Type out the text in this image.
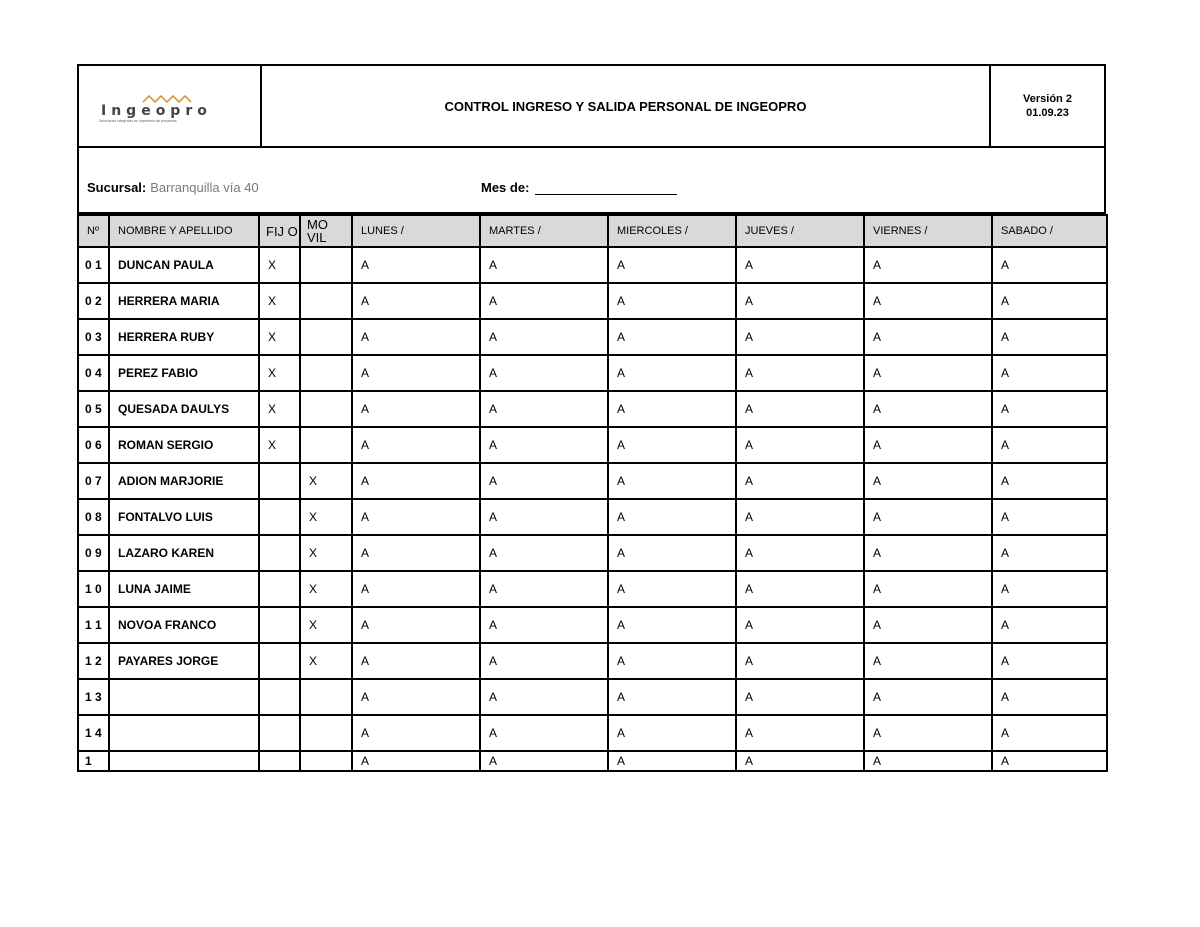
Ingeopro
Soluciones integrales en Ingeniería de proyectos
CONTROL INGRESO Y SALIDA PERSONAL DE INGEOPRO	Versión 2
01.09.23
Sucursal: Barranquilla vía 40	Mes de:
Nº	NOMBRE Y APELLIDO	FIJ O	MO VIL	LUNES /	MARTES /	MIERCOLES /	JUEVES /	VIERNES /	SABADO /
0 1	DUNCAN PAULA	X		A	A	A	A	A	A
0 2	HERRERA MARIA	X		A	A	A	A	A	A
0 3	HERRERA RUBY	X		A	A	A	A	A	A
0 4	PEREZ FABIO	X		A	A	A	A	A	A
0 5	QUESADA DAULYS	X		A	A	A	A	A	A
0 6	ROMAN SERGIO	X		A	A	A	A	A	A
0 7	ADION MARJORIE		X	A	A	A	A	A	A
0 8	FONTALVO LUIS		X	A	A	A	A	A	A
0 9	LAZARO KAREN		X	A	A	A	A	A	A
1 0	LUNA JAIME		X	A	A	A	A	A	A
1 1	NOVOA FRANCO		X	A	A	A	A	A	A
1 2	PAYARES JORGE		X	A	A	A	A	A	A
1 3				A	A	A	A	A	A
1 4				A	A	A	A	A	A
1				A	A	A	A	A	A
